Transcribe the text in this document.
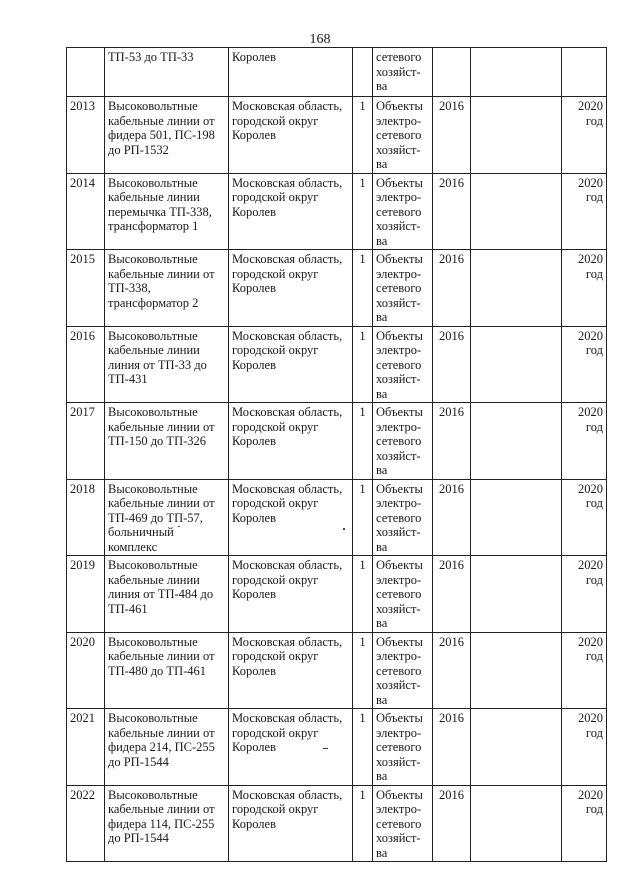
168
	ТП-53 до ТП-33	Королев		сетевого хозяйст-ва			
2013	Высоковольтные кабельные линии от фидера 501, ПС-198 до РП-1532	Московская область, городской округ Королев	1	Объекты электро-сетевого хозяйст-ва	2016		2020 год
2014	Высоковольтные кабельные линии перемычка ТП-338, трансформатор 1	Московская область, городской округ Королев	1	Объекты электро-сетевого хозяйст-ва	2016		2020 год
2015	Высоковольтные кабельные линии от ТП-338, трансформатор 2	Московская область, городской округ Королев	1	Объекты электро-сетевого хозяйст-ва	2016		2020 год
2016	Высоковольтные кабельные линии линия от ТП-33 до ТП-431	Московская область, городской округ Королев	1	Объекты электро-сетевого хозяйст-ва	2016		2020 год
2017	Высоковольтные кабельные линии от ТП-150 до ТП-326	Московская область, городской округ Королев	1	Объекты электро-сетевого хозяйст-ва	2016		2020 год
2018	Высоковольтные кабельные линии от ТП-469 до ТП-57, больничный комплекс	Московская область, городской округ Королев	1	Объекты электро-сетевого хозяйст-ва	2016		2020 год
2019	Высоковольтные кабельные линии линия от ТП-484 до ТП-461	Московская область, городской округ Королев	1	Объекты электро-сетевого хозяйст-ва	2016		2020 год
2020	Высоковольтные кабельные линии от ТП-480 до ТП-461	Московская область, городской округ Королев	1	Объекты электро-сетевого хозяйст-ва	2016		2020 год
2021	Высоковольтные кабельные линии от фидера 214, ПС-255 до РП-1544	Московская область, городской округ Королев	1	Объекты электро-сетевого хозяйст-ва	2016		2020 год
2022	Высоковольтные кабельные линии от фидера 114, ПС-255 до РП-1544	Московская область, городской округ Королев	1	Объекты электро-сетевого хозяйст-ва	2016		2020 год
